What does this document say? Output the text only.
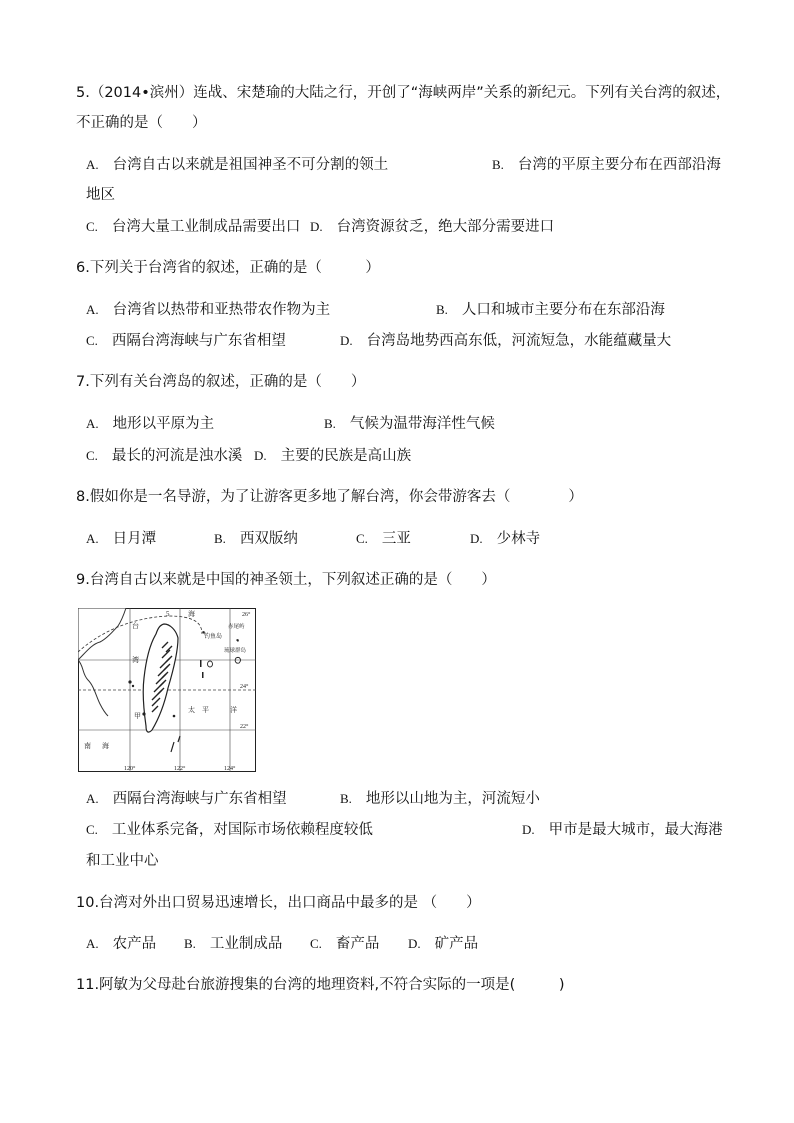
5.（2014•滨州）连战、宋楚瑜的大陆之行，开创了“海峡两岸”关系的新纪元。下列有关台湾的叙述，
不正确的是（　　）
A. 台湾自古以来就是祖国神圣不可分割的领土	B. 台湾的平原主要分布在西部沿海
地区
C. 台湾大量工业制成品需要出口 D. 台湾资源贫乏，绝大部分需要进口
6.下列关于台湾省的叙述，正确的是（　　　）
A. 台湾省以热带和亚热带农作物为主	B. 人口和城市主要分布在东部沿海
C. 西隔台湾海峡与广东省相望	D. 台湾岛地势西高东低，河流短急，水能蕴藏量大
7.下列有关台湾岛的叙述，正确的是（　　）
A. 地形以平原为主	B. 气候为温带海洋性气候
C. 最长的河流是浊水溪 D. 主要的民族是高山族
8.假如你是一名导游，为了让游客更多地了解台湾，你会带游客去（　　　　）
A. 日月潭	B. 西双版纳	C. 三亚	D. 少林寺
9.台湾自古以来就是中国的神圣领土，下列叙述正确的是（　　）
5	海
台
湾
钓鱼岛
赤尾屿
琉球群岛
太 平	洋
甲
南 海
26°
24°
22°
120°	122°	124°
A. 西隔台湾海峡与广东省相望	B. 地形以山地为主，河流短小
C. 工业体系完备，对国际市场依赖程度较低	D. 甲市是最大城市，最大海港
和工业中心
10.台湾对外出口贸易迅速增长，出口商品中最多的是 （　　）
A. 农产品 B. 工业制成品 C. 畜产品 D. 矿产品
11.阿敏为父母赴台旅游搜集的台湾的地理资料,不符合实际的一项是(　　　)
